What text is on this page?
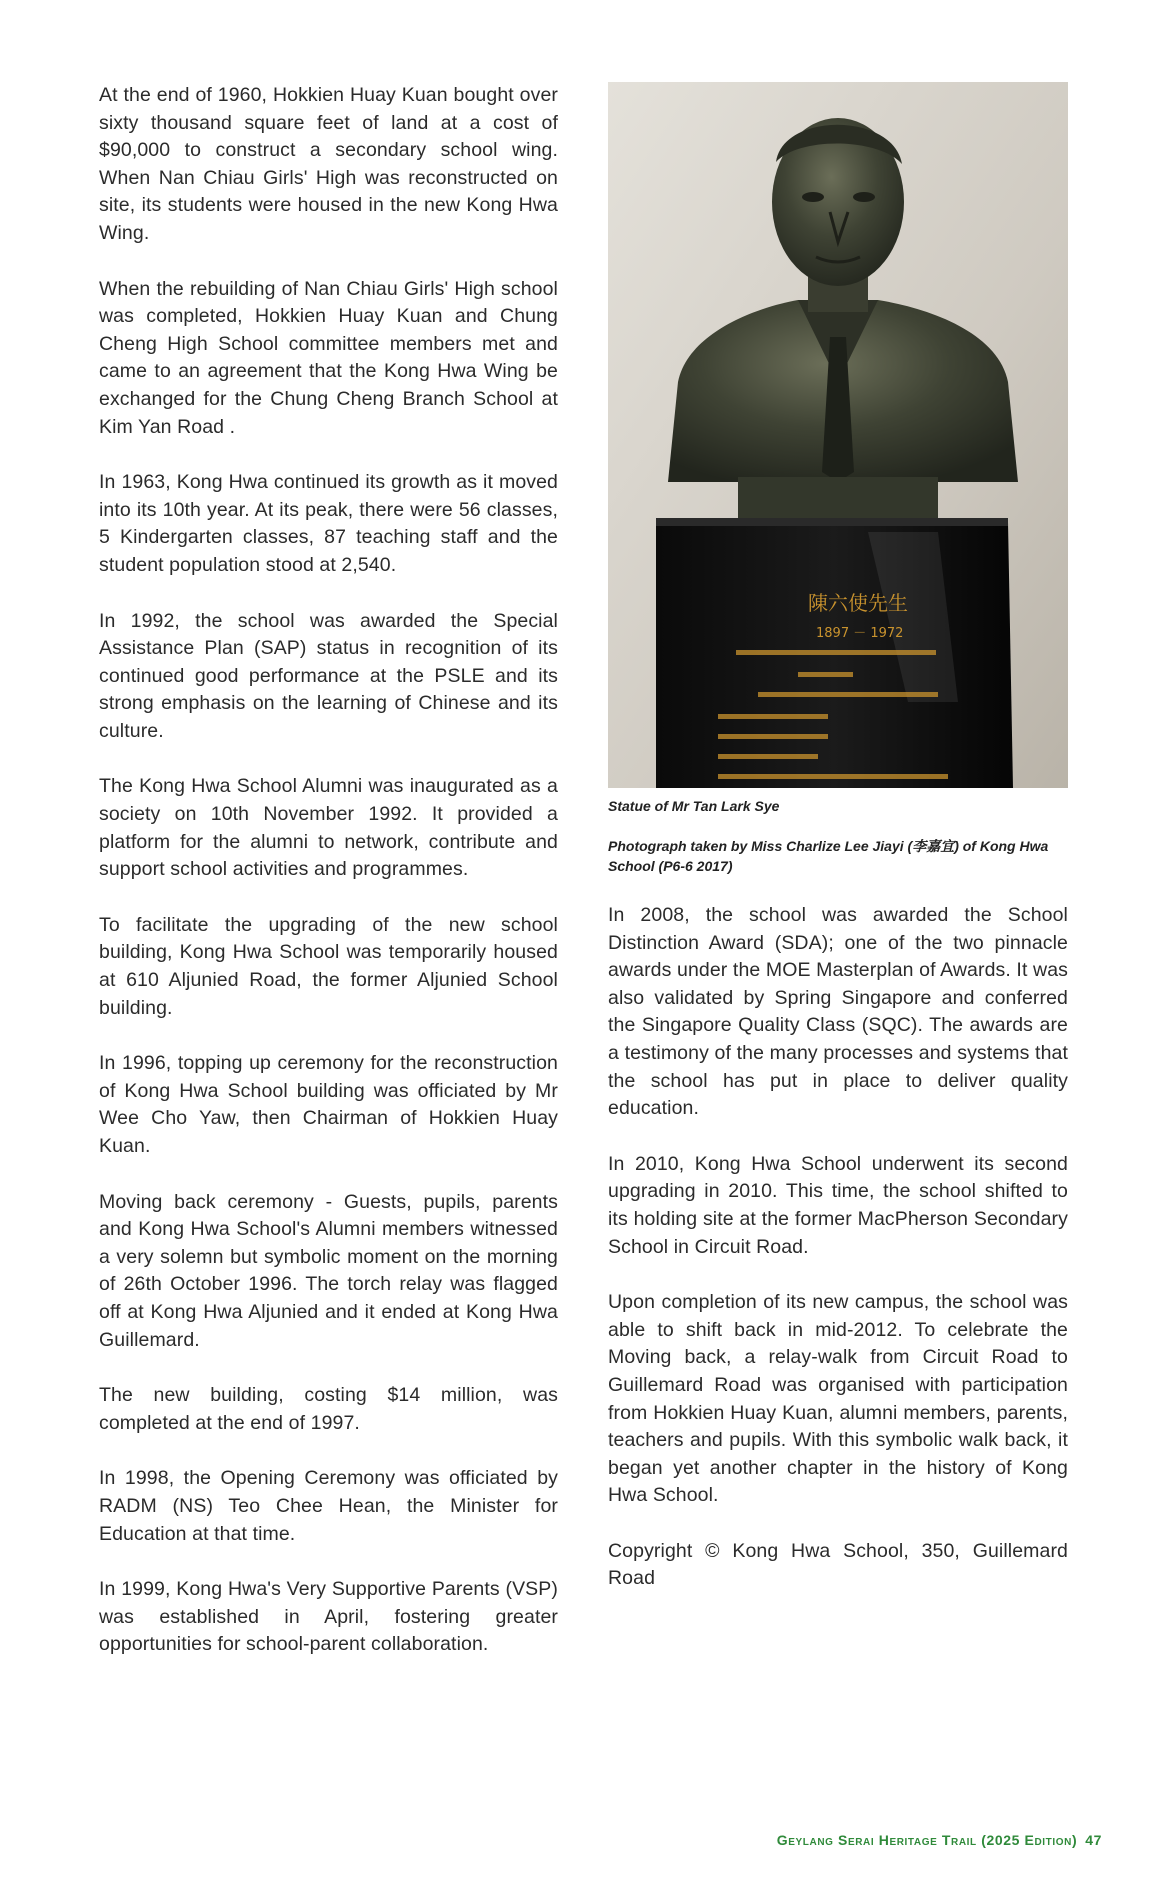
At the end of 1960, Hokkien Huay Kuan bought over sixty thousand square feet of land at a cost of $90,000 to construct a secondary school wing. When Nan Chiau Girls' High was reconstructed on site, its students were housed in the new Kong Hwa Wing.

When the rebuilding of Nan Chiau Girls' High school was completed, Hokkien Huay Kuan and Chung Cheng High School committee members met and came to an agreement that the Kong Hwa Wing be exchanged for the Chung Cheng Branch School at Kim Yan Road .

In 1963, Kong Hwa continued its growth as it moved into its 10th year. At its peak, there were 56 classes, 5 Kindergarten classes, 87 teaching staff and the student population stood at 2,540.

In 1992, the school was awarded the Special Assistance Plan (SAP) status in recognition of its continued good performance at the PSLE and its strong emphasis on the learning of Chinese and its culture.

The Kong Hwa School Alumni was inaugurated as a society on 10th November 1992. It provided a platform for the alumni to network, contribute and support school activities and programmes.

To facilitate the upgrading of the new school building, Kong Hwa School was temporarily housed at 610 Aljunied Road, the former Aljunied School building.

In 1996, topping up ceremony for the reconstruction of Kong Hwa School building was officiated by Mr Wee Cho Yaw, then Chairman of Hokkien Huay Kuan.

Moving back ceremony - Guests, pupils, parents and Kong Hwa School's Alumni members witnessed a very solemn but symbolic moment on the morning of 26th October 1996. The torch relay was flagged off at Kong Hwa Aljunied and it ended at Kong Hwa Guillemard.

The new building, costing $14 million, was completed at the end of 1997.

In 1998, the Opening Ceremony was officiated by RADM (NS) Teo Chee Hean, the Minister for Education at that time.

In 1999, Kong Hwa's Very Supportive Parents (VSP) was established in April, fostering greater opportunities for school-parent collaboration.

陳六使先生
1897 － 1972
Statue of Mr Tan Lark Sye
Photograph taken by Miss Charlize Lee Jiayi (李嘉宜) of Kong Hwa School (P6-6 2017)

In 2008, the school was awarded the School Distinction Award (SDA); one of the two pinnacle awards under the MOE Masterplan of Awards. It was also validated by Spring Singapore and conferred the Singapore Quality Class (SQC). The awards are a testimony of the many processes and systems that the school has put in place to deliver quality education.

In 2010, Kong Hwa School underwent its second upgrading in 2010. This time, the school shifted to its holding site at the former MacPherson Secondary School in Circuit Road.

Upon completion of its new campus, the school was able to shift back in mid-2012. To celebrate the Moving back, a relay-walk from Circuit Road to Guillemard Road was organised with participation from Hokkien Huay Kuan, alumni members, parents, teachers and pupils. With this symbolic walk back, it began yet another chapter in the history of Kong Hwa School.

Copyright © Kong Hwa School, 350, Guillemard Road

Geylang Serai Heritage Trail (2025 Edition) 47
